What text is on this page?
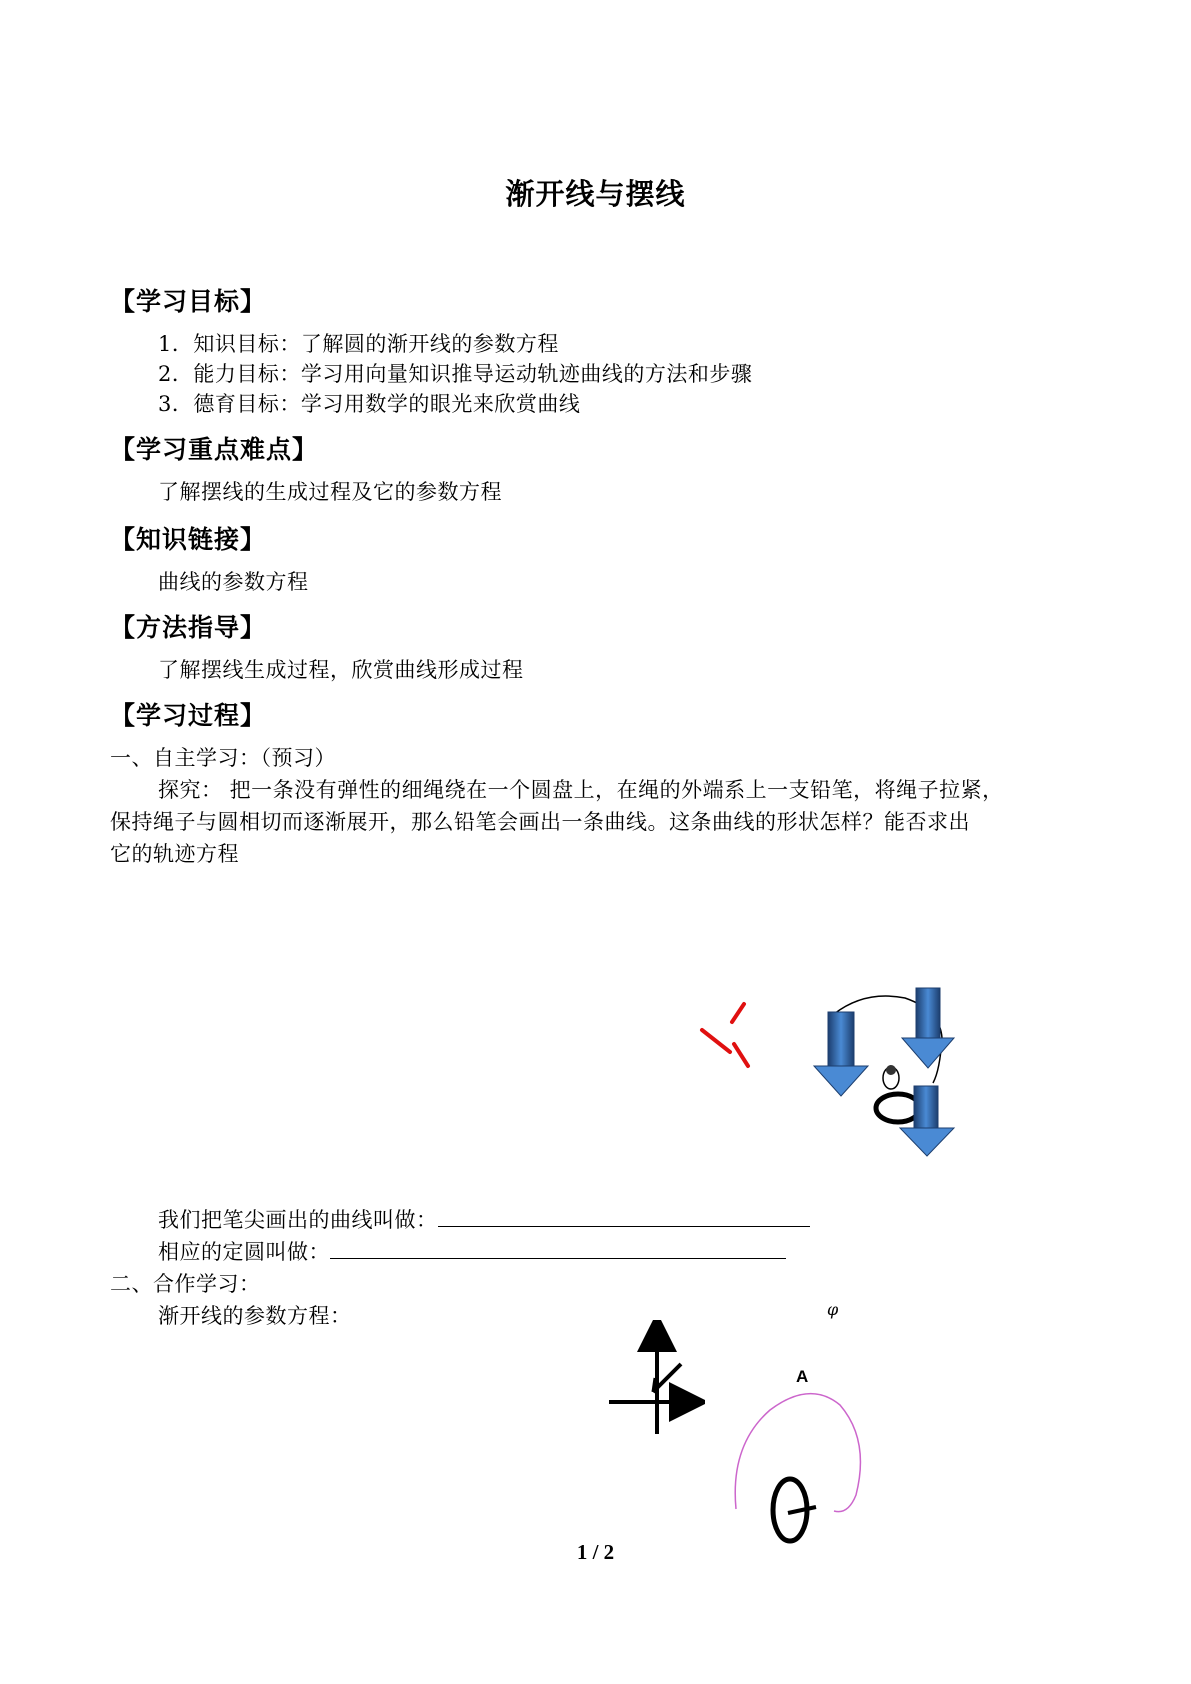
渐开线与摆线
【学习目标】
1．知识目标：了解圆的渐开线的参数方程
2．能力目标：学习用向量知识推导运动轨迹曲线的方法和步骤
3．德育目标：学习用数学的眼光来欣赏曲线
【学习重点难点】
了解摆线的生成过程及它的参数方程
【知识链接】
曲线的参数方程
【方法指导】
了解摆线生成过程，欣赏曲线形成过程
【学习过程】
一、自主学习：（预习）
探究： 把一条没有弹性的细绳绕在一个圆盘上，在绳的外端系上一支铅笔，将绳子拉紧，
保持绳子与圆相切而逐渐展开，那么铅笔会画出一条曲线。这条曲线的形状怎样？能否求出
它的轨迹方程
我们把笔尖画出的曲线叫做：
相应的定圆叫做：
二、合作学习：
渐开线的参数方程：	φ
A
1 / 2
